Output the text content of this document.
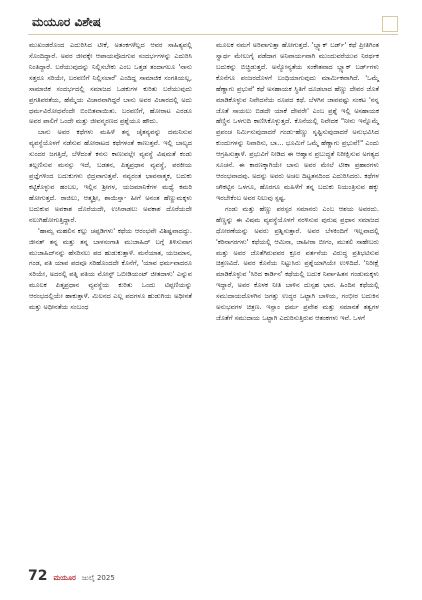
ಮಯೂರ ವಿಶೇಷ

ಮುಖಂಡರೊಂದ ಎದುರಿಸಿದ ಟೀಕೆ, ಅತಂಕಗಳೆಲ್ಲದ ಆವರ ಸಾಹಿತ್ಯವಲ್ಲಿ ಸೊಂದಿದ್ದಾರೆ. ಅವರ ಜೀವಕ್ಕೇ ಆಪಾಯವೊದಗುವ ಸಂದರ್ಭಗಳನ್ನು ಎದುರಿಸಿ ನಿಂತಿದ್ದಾರೆ. ಬರೆಯುವುದನ್ನು ನಿಲ್ಲಿಸಬೇಕು ಎಂಬ ಒತ್ತಡ ತಂದಾಗಲೂ 'ನಾನು ಸತ್ತರೂ ಸರಿಯೇ, ಬರವಣಿಗೆ ನಿಲ್ಲಿಸಲಾರೆ' ಎಂದಿದ್ದ ಸಾಮಾಜಿಕ ಸಂಗತಿಯಲ್ಲ, ಸಾಮಾಜಿಕ ಸಂದರ್ಭದಲ್ಲಿ ಸಮಾಜದ ಒಡಕುಗಳ ಕುರಿತು ಬರೆಯುವುದು ಪ್ರಗತಿಪರತೆಯ, ಹೆಮ್ಮೆಯ ವಿಚಾರವಾಗಿದ್ದರೆ ಬಾನು ಅವರ ವಿಚಾರದಲ್ಲಿ ಅದು ಧರ್ಮವಿರೋಧವೆಂದೇ ಬಿಂಬಿತವಾಯಿತು. ಬರವಣಿಗೆ, ಹೋರಾಟ ಎರಡೂ ಅವರ ಪಾಲಿಗೆ ಒಂದೇ ಮತ್ತು ಜೀವನ್ಮರಣದ ಪ್ರಶ್ನೆಯೂ ಹೌದು.

ಬಾನು ಅವರ ಕಥೆಗಳು ಮಹಿಳೆ ತನ್ನ ಚೈತನ್ಯವನ್ನು ದಮನಿಸುವ ವ್ಯವಸ್ಥೆಯೊಳಗೆ ನಡೆಸುವ ಹೋರಾಟದ ಕಥೆಗಳಂತೆ ಕಾಣುತ್ತವೆ. ಇಲ್ಲಿ ಬಾಲ್ಯದ ಸುಂದರ ಜಗತ್ತಿದೆ, ಬೆಳೆದಂತೆ ಕನಸು ಕಾಣುವಲ್ಲೇ ವ್ಯವಸ್ಥೆ ವಿಷಮತೆ ಕಂಡು ತಲ್ಲಣಿಸುವ ಮನಸ್ಸು ಇದೆ, ಬಡತನ, ಪಿತೃಪ್ರಧಾನ ವ್ಯವಸ್ಥೆ, ಪರಕೀಯ ಪ್ರಜ್ಞೆಗಳಿಂದ ಬದುಕುಗಳು ಛಿದ್ರವಾಗುತ್ತವೆ. ನವ್ಯರಂತ ಭಾವನಾತ್ಮಕ, ಬದುಕು ಕಟ್ಟಿಕೊಳ್ಳುವ ಹಂಬಲ, ಇಲ್ಲಿನ ಶ್ರೀಗಳ, ಯಜಮಾನಿಕೆಗಳ ಮಧ್ಯೆ ಕಮರಿ ಹೋಗುತ್ತದೆ. ರಾಜಿಲು, ಆತ್ಮಶ್ರೀ, ಶಾಯಿಸ್ತಾ- ಹೀಗೆ ಅನಂತ ಹೆಣ್ಣುಮಕ್ಕಳು ಬದುಕುವ ಅವಕಾಶ ದೊರೆಯದೇ, ಉಸಿರಾಡಲು ಅವಕಾಶ ದೊರೆಯದೇ ನಲುಗಿಹೋಗುತ್ತಿದ್ದಾರೆ.

'ಹಾಮ್ಸ ಮಹಲಿನ ಕಲ್ಲು ಚಪ್ಪಡಿಗಳು' ಕಥೆಯ ಆರಂಭವೇ ವಿಶಿಷ್ಟವಾದದ್ದು. ಜೀನತ್ ತನ್ನ ಮತ್ತು ತನ್ನ ಬಾಳಸಂಗಾತಿ ಮುಜಾಹಿದ್ ಬಗ್ಗೆ ತಿಳಿಸುವಾಗ ಮುಜಾಹಿದ್‌ನನ್ನು ಹೆಸರಿಸಲು ಪದ ಹುಡುಕುತ್ತಾಳೆ. ಮನೆಯಾತ, ಯಜಮಾನ, ಗಂಡ, ಪತಿ ಯಾವ ಪದವೂ ಸರಿಹೊಂದದೇ ಕೊನೆಗೆ, 'ಯಾವ ಧರ್ಮವಾದರೂ ಸರಿಯೇ, ಅದರಲ್ಲಿ ಪತ್ನಿ ಪತಿಯ ಮೋಸ್ಟ್ ಒಬೀಡಿಯಂಟ್ ಜೀತದಾಳು' ಎನ್ನುವ ಮೂಲಕ ಪಿತೃಪ್ರಧಾನ ವ್ಯವಸ್ಥೆಯ ಕುರಿತು ಒಂದು ಟಿಪ್ಪಣಿಯನ್ನು ಆರಂಭದಲ್ಲಿಯೇ ಹಾಕುತ್ತಾಳೆ. ಮಿಲನದ ಎಲ್ಲ ಪದಗಳೂ ಹುಡುಗಿಯ ಅಧೀನತೆ ಮತ್ತು ಅಧೀನತೆಯ ಸಂಬಂಧ

ಮೂಲಕ ನಮಗೆ ಅರಿವಾಗುತ್ತಾ ಹೋಗುತ್ತದೆ. 'ಬ್ಲ್ಯಾಕ್ ಬರ್ಡ್' ಕಥೆ ಪ್ರೀತಿಗಿಂತ ಸ್ವಾರ್ಥ ಮೇಲುಗೈ ಪಡೆದಾಗ ಅನಿವಾರ್ಯವಾಗಿ ಮುಂದುವರೆಯುವ ನಿರರ್ಥಕ ಬದುಕನ್ನು ಬಿಚ್ಚಿಡುತ್ತದೆ. ಅನ್ಯೋನ್ಯತೆಯ ಸಂಕೇತವಾದ ಬ್ಲ್ಯಾಕ್ ಬರ್ಡ್‌ಗಳು ಕೊನೆಗೂ ಪಂಜರದೊಳಗೆ ಬಂಧಿಯಾಗುವುದು ಮಾರ್ಮಿಕವಾಗಿದೆ. 'ಒಮ್ಮೆ ಹೆಣ್ಣಾಗು ಪ್ರಭುವೆ' ಕಥೆ ಅಸಹಾಯಕ ಸ್ಥಿತಿಗೆ ದೂಡಲಾದ ಹೆಣ್ಣು ದೇವರ ಜೊತೆ ಮಾಡಿಕೊಳ್ಳುವ ನಿವೇದನೆಯ ರೂಪದ ಕಥೆ. ಬೆಳಗಿನ ಜಾವವಷ್ಟು ಸಂಕಟ 'ನನ್ನ ಜೊತೆ ಸಾಯಲು ಬಿಡದೇ ಯಾಕೆ ದೇವರೇ' ಎಂಬ ಪ್ರಶ್ನೆ ಇಲ್ಲಿ ಅಸಹಾಯಕ ಹೆಣ್ಣಿನ ಒಳಗುದಿ ಕಾಣಿಸಿಕೊಳ್ಳುತ್ತದೆ. ಕೊನೆಯಲ್ಲಿ ನಿವೇದಕ "ನೀನು ಇನ್ನೊಮ್ಮೆ ಪ್ರಪಂಚ ನಿರ್ಮಿಸುವುದಾದರೆ ಗಂಡು-ಹೆಣ್ಣು ಸೃಷ್ಟಿಸುವುದಾದರೆ ಅನುಭವಿಸಿದ ಕುಂದುಗಳನ್ನು ನಿವಾರಿಸು, ಬಾ... ಭೂಮಿಗೆ ಒಮ್ಮೆ ಹೆಣ್ಣಾಗು ಪ್ರಭುವೆ!" ಎಂದು ಆಗ್ರಹಿಸುತ್ತಾಳೆ. ಪ್ರಭುವಿಗೆ ನೀಡಿದ ಈ ಆಹ್ವಾನ ಪ್ರಬುದ್ಧತೆ ನಿರೀಕ್ಷಿಸುವ ಅಗತ್ಯದ ಸೂಚನೆ. ಈ ಕಾರಣಕ್ಕಾಗಿಯೇ ಬಾನು ಅವರ ಮೇಲೆ ಟೀಕಾ ಪ್ರಹಾರಗಳು ಆರಂಭವಾದವು. ಅದನ್ನು ಅವರು ಅಚಲ ದಿಟ್ಟತನದಿಂದ ಎದುರಿಸಿದರು. ಕಥೆಗಳ ಚೌಕಟ್ಟಿನ ಒಳಗೂ, ಹೊರಗೂ ಮಹಿಳೆಗೆ ತನ್ನ ಬದುಕು ನಿಯಂತ್ರಿಸುವ ಹಕ್ಕು ಇರಬೇಕೆಂಬ ಅವರ ನಿಲುವು ಸ್ಪಷ್ಟ.

ಗಂಡು ಮತ್ತು ಹೆಣ್ಣು ಪರಸ್ಪರ ಸಮಾನರು ಎಂಬ ಆಶಯ ಅವರದು. ಹೆಣ್ಣನ್ನು ಈ ವಿಷಮ ವ್ಯವಸ್ಥೆಯೊಳಗೆ ನರಳಿಸುವ ಪುರುಷ ಪ್ರಧಾನ ಸಮಾಜದ ಧೋರಣೆಯನ್ನು ಅವರು ಪ್ರಶ್ನಿಸುತ್ತಾರೆ. ಅವರ ಬೆಳಕಿಂದಿಗೆ ಇಲ್ಲವಾದಲ್ಲಿ 'ಕರಿನಾಗರಗಳು' ಕಥೆಯಲ್ಲಿ ಆಮಿನಾ, ಜಾಹೀರಾ ಬೀಗಂ, ಮುತಲಿ ಸಾಹೇಬರು ಮತ್ತು ಅವರ ಜೊತೆಗಿರುವವರ ಕ್ರೂರ ವರ್ತನೆಯ ವಿರುದ್ಧ ಪ್ರತಿಭಟಿಸುವ ಚಿತ್ರಣವಿದೆ. ಅವರ ಕೊನೆಯ ನಿಟ್ಟುಸಿರು ಪ್ರಶ್ನೆಯಾಗಿಯೇ ಉಳಿದಿದೆ. 'ನಿರೀಕ್ಷೆ ಮಾಡಿಕೊಳ್ಳುವ 'ಸಿರಿದ ಕಾರ್ಡಿನ' ಕಥೆಯಲ್ಲಿ ಬದುಕ ನಿರ್ವಾಹಿತನ ಗಂಡುಮಕ್ಕಳು ಇದ್ದಾರೆ, ಅವರ ಕೊಳಕ ನೀತಿ ಬಾಳಿನ ದುಸ್ಸಹ ಭಾರ. ಹಿಂದಿನ ಕಥೆಯಲ್ಲಿ ಸಮುದಾಯದೊಳಗಿನ ಜಗತ್ತು ಉದ್ಧರ ಒಟ್ಟಾಗಿ ಬಾಳಿಯ, ಗಂಭೀರ ಬದುಕಿನ ಅನುಭವಗಳ ಚಿತ್ರಣ. ಇಸ್ಲಾಂ ಧರ್ಮ ಪ್ರವೇಶ ಮತ್ತು ಸಮಾನತೆ ತತ್ವಗಳ ಜೊತೆಗೆ ಸಮುದಾಯ ಒಟ್ಟಾಗಿ ಎದುರಿಸುತ್ತಿರುವ ಆತಂಕಗಳು ಇವೆ. ಒಳಗೆ

72 ಮಯೂರ ಜುಲೈ 2025
